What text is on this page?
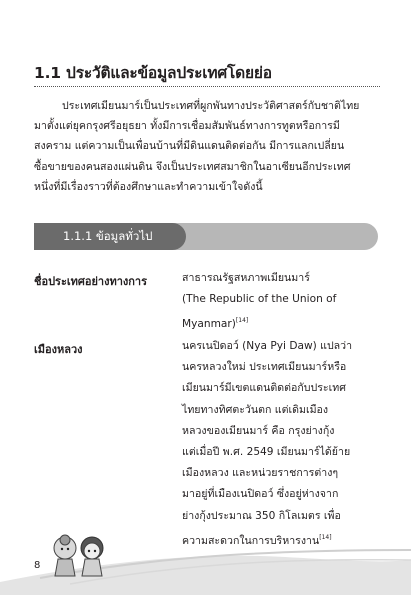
1.1 ประวัติและข้อมูลประเทศโดยย่อ
ประเทศเมียนมาร์เป็นประเทศที่ผูกพันทางประวัติศาสตร์กับชาติไทย
มาตั้งแต่ยุคกรุงศรีอยุธยา ทั้งมีการเชื่อมสัมพันธ์ทางการทูตหรือการมี
สงคราม แต่ความเป็นเพื่อนบ้านที่มีดินแดนติดต่อกัน มีการแลกเปลี่ยน
ซื้อขายของคนสองแผ่นดิน จึงเป็นประเทศสมาชิกในอาเซียนอีกประเทศ
หนึ่งที่มีเรื่องราวที่ต้องศึกษาและทำความเข้าใจดังนี้
1.1.1 ข้อมูลทั่วไป
ชื่อประเทศอย่างทางการ	สาธารณรัฐสหภาพเมียนมาร์
(The Republic of the Union of
Myanmar)[14]
เมืองหลวง	นครเนปิดอว์ (Nya Pyi Daw) แปลว่า
นครหลวงใหม่ ประเทศเมียนมาร์หรือ
เมียนมาร์มีเขตแดนติดต่อกับประเทศ
ไทยทางทิศตะวันตก แต่เดิมเมือง
หลวงของเมียนมาร์ คือ กรุงย่างกุ้ง
แต่เมื่อปี พ.ศ. 2549 เมียนมาร์ได้ย้าย
เมืองหลวง และหน่วยราชการต่างๆ
มาอยู่ที่เมืองเนปิดอว์ ซึ่งอยู่ห่างจาก
ย่างกุ้งประมาณ 350 กิโลเมตร เพื่อ
ความสะดวกในการบริหารงาน[14]
8
